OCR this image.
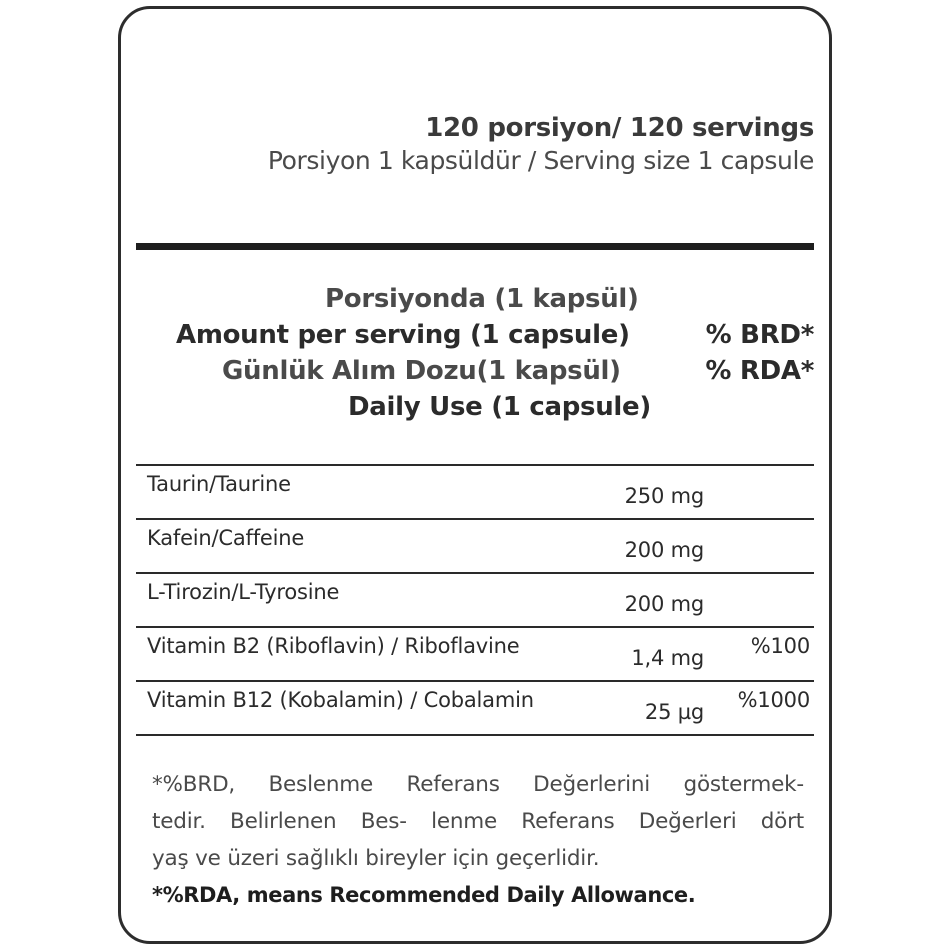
120 porsiyon/ 120 servings
Porsiyon 1 kapsüldür / Serving size 1 capsule
Porsiyonda (1 kapsül)
Amount per serving (1 capsule)
Günlük Alım Dozu(1 kapsül)
Daily Use (1 capsule)
% BRD*
% RDA*
Taurin/Taurine	250 mg
Kafein/Caffeine	200 mg
L-Tirozin/L-Tyrosine	200 mg
Vitamin B2 (Riboflavin) / Riboflavine	1,4 mg %100
Vitamin B12 (Kobalamin) / Cobalamin	25 µg %1000
*%BRD, Beslenme Referans Değerlerini göstermek-
tedir. Belirlenen Bes- lenme Referans Değerleri dört
yaş ve üzeri sağlıklı bireyler için geçerlidir.
*%RDA, means Recommended Daily Allowance.
